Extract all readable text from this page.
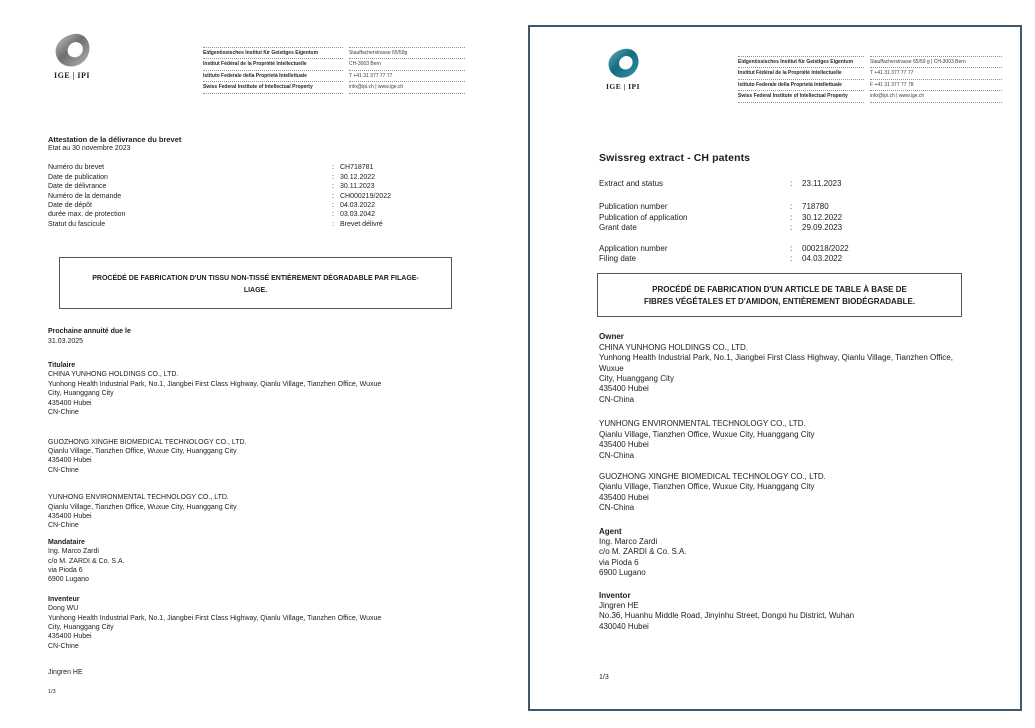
IGE | IPI
Eidgenössisches Institut für Geistiges Eigentum
Institut Fédéral de la Propriété Intellectuelle
Istituto Federale della Proprietà Intellettuale
Swiss Federal Institute of Intellectual Property
Stauffacherstrasse 65/59g
CH-3003 Bern
T +41 31 377 77 77
info@ipi.ch | www.ige.ch
Attestation de la délivrance du brevet
Etat au 30 novembre 2023
Numéro du brevet	: CH718781
Date de publication	: 30.12.2022
Date de délivrance	: 30.11.2023
Numéro de la demande	: CH000219/2022
Date de dépôt	: 04.03.2022
durée max. de protection	: 03.03.2042
Statut du fascicule	: Brevet délivré
PROCÉDÉ DE FABRICATION D'UN TISSU NON-TISSÉ ENTIÈREMENT DÉGRADABLE PAR FILAGE-
LIAGE.
Prochaine annuité due le
31.03.2025
Titulaire
CHINA YUNHONG HOLDINGS CO., LTD.
Yunhong Health Industrial Park, No.1, Jiangbei First Class Highway, Qianlu Village, Tianzhen Office, Wuxue
City, Huanggang City
435400 Hubei
CN-Chine
GUOZHONG XINGHE BIOMEDICAL TECHNOLOGY CO., LTD.
Qianlu Village, Tianzhen Office, Wuxue City, Huanggang City
435400 Hubei
CN-Chine
YUNHONG ENVIRONMENTAL TECHNOLOGY CO., LTD.
Qianlu Village, Tianzhen Office, Wuxue City, Huanggang City
435400 Hubei
CN-Chine
Mandataire
Ing. Marco Zardi
c/o M. ZARDI & Co. S.A.
via Pioda 6
6900 Lugano
Inventeur
Dong WU
Yunhong Health Industrial Park, No.1, Jiangbei First Class Highway, Qianlu Village, Tianzhen Office, Wuxue
City, Huanggang City
435400 Hubei
CN-Chine
Jingren HE
1/3
IGE | IPI
Eidgenössisches Institut für Geistiges Eigentum
Institut Fédéral de la Propriété Intellectuelle
Istituto Federale della Proprietà Intellettuale
Swiss Federal Institute of Intellectual Property
Stauffacherstrasse 65/59 g | CH-3003 Bern
T +41 31 377 77 77
F +41 31 377 77 78
info@ipi.ch | www.ige.ch
Swissreg extract - CH patents
Extract and status	:	23.11.2023
Publication number	:	718780
Publication of application	:	30.12.2022
Grant date	:	29.09.2023
Application number	:	000218/2022
Filing date	:	04.03.2022
PROCÉDÉ DE FABRICATION D'UN ARTICLE DE TABLE À BASE DE
FIBRES VÉGÉTALES ET D'AMIDON, ENTIÈREMENT BIODÉGRADABLE.
Owner
CHINA YUNHONG HOLDINGS CO., LTD.
Yunhong Health Industrial Park, No.1, Jiangbei First Class Highway, Qianlu Village, Tianzhen Office,
Wuxue
City, Huanggang City
435400 Hubei
CN-China
YUNHONG ENVIRONMENTAL TECHNOLOGY CO., LTD.
Qianlu Village, Tianzhen Office, Wuxue City, Huanggang City
435400 Hubei
CN-China
GUOZHONG XINGHE BIOMEDICAL TECHNOLOGY CO., LTD.
Qianlu Village, Tianzhen Office, Wuxue City, Huanggang City
435400 Hubei
CN-China
Agent
Ing. Marco Zardi
c/o M. ZARDI & Co. S.A.
via Pioda 6
6900 Lugano
Inventor
Jingren HE
No.36, Huanhu Middle Road, Jinyinhu Street, Dongxi hu District, Wuhan
430040 Hubei
1/3
